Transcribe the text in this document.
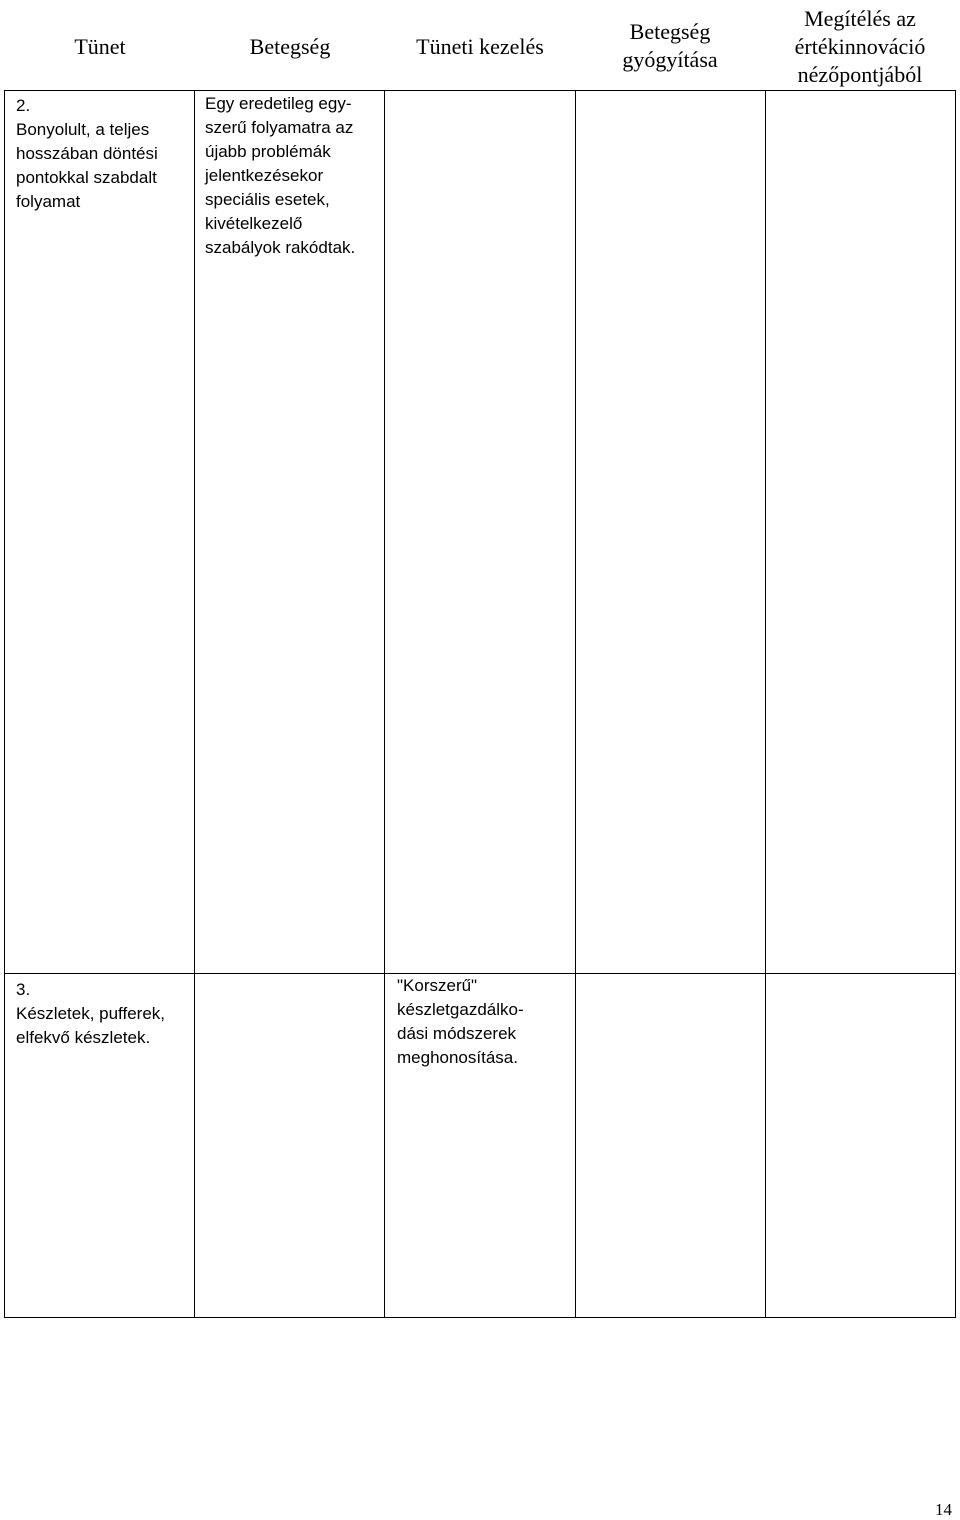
Tünet	Betegség	Tüneti kezelés
Betegség
gyógyítása
Megítélés az
értékinnováció
nézőpontjából
2.
Bonyolult, a teljes
hosszában döntési
pontokkal szabdalt
folyamat
Egy eredetileg egy-
szerű folyamatra az
újabb problémák
jelentkezésekor
speciális esetek,
kivételkezelő
szabályok rakódtak.
3.
Készletek, pufferek,
elfekvő készletek.
"Korszerű"
készletgazdálko-
dási módszerek
meghonosítása.
14
